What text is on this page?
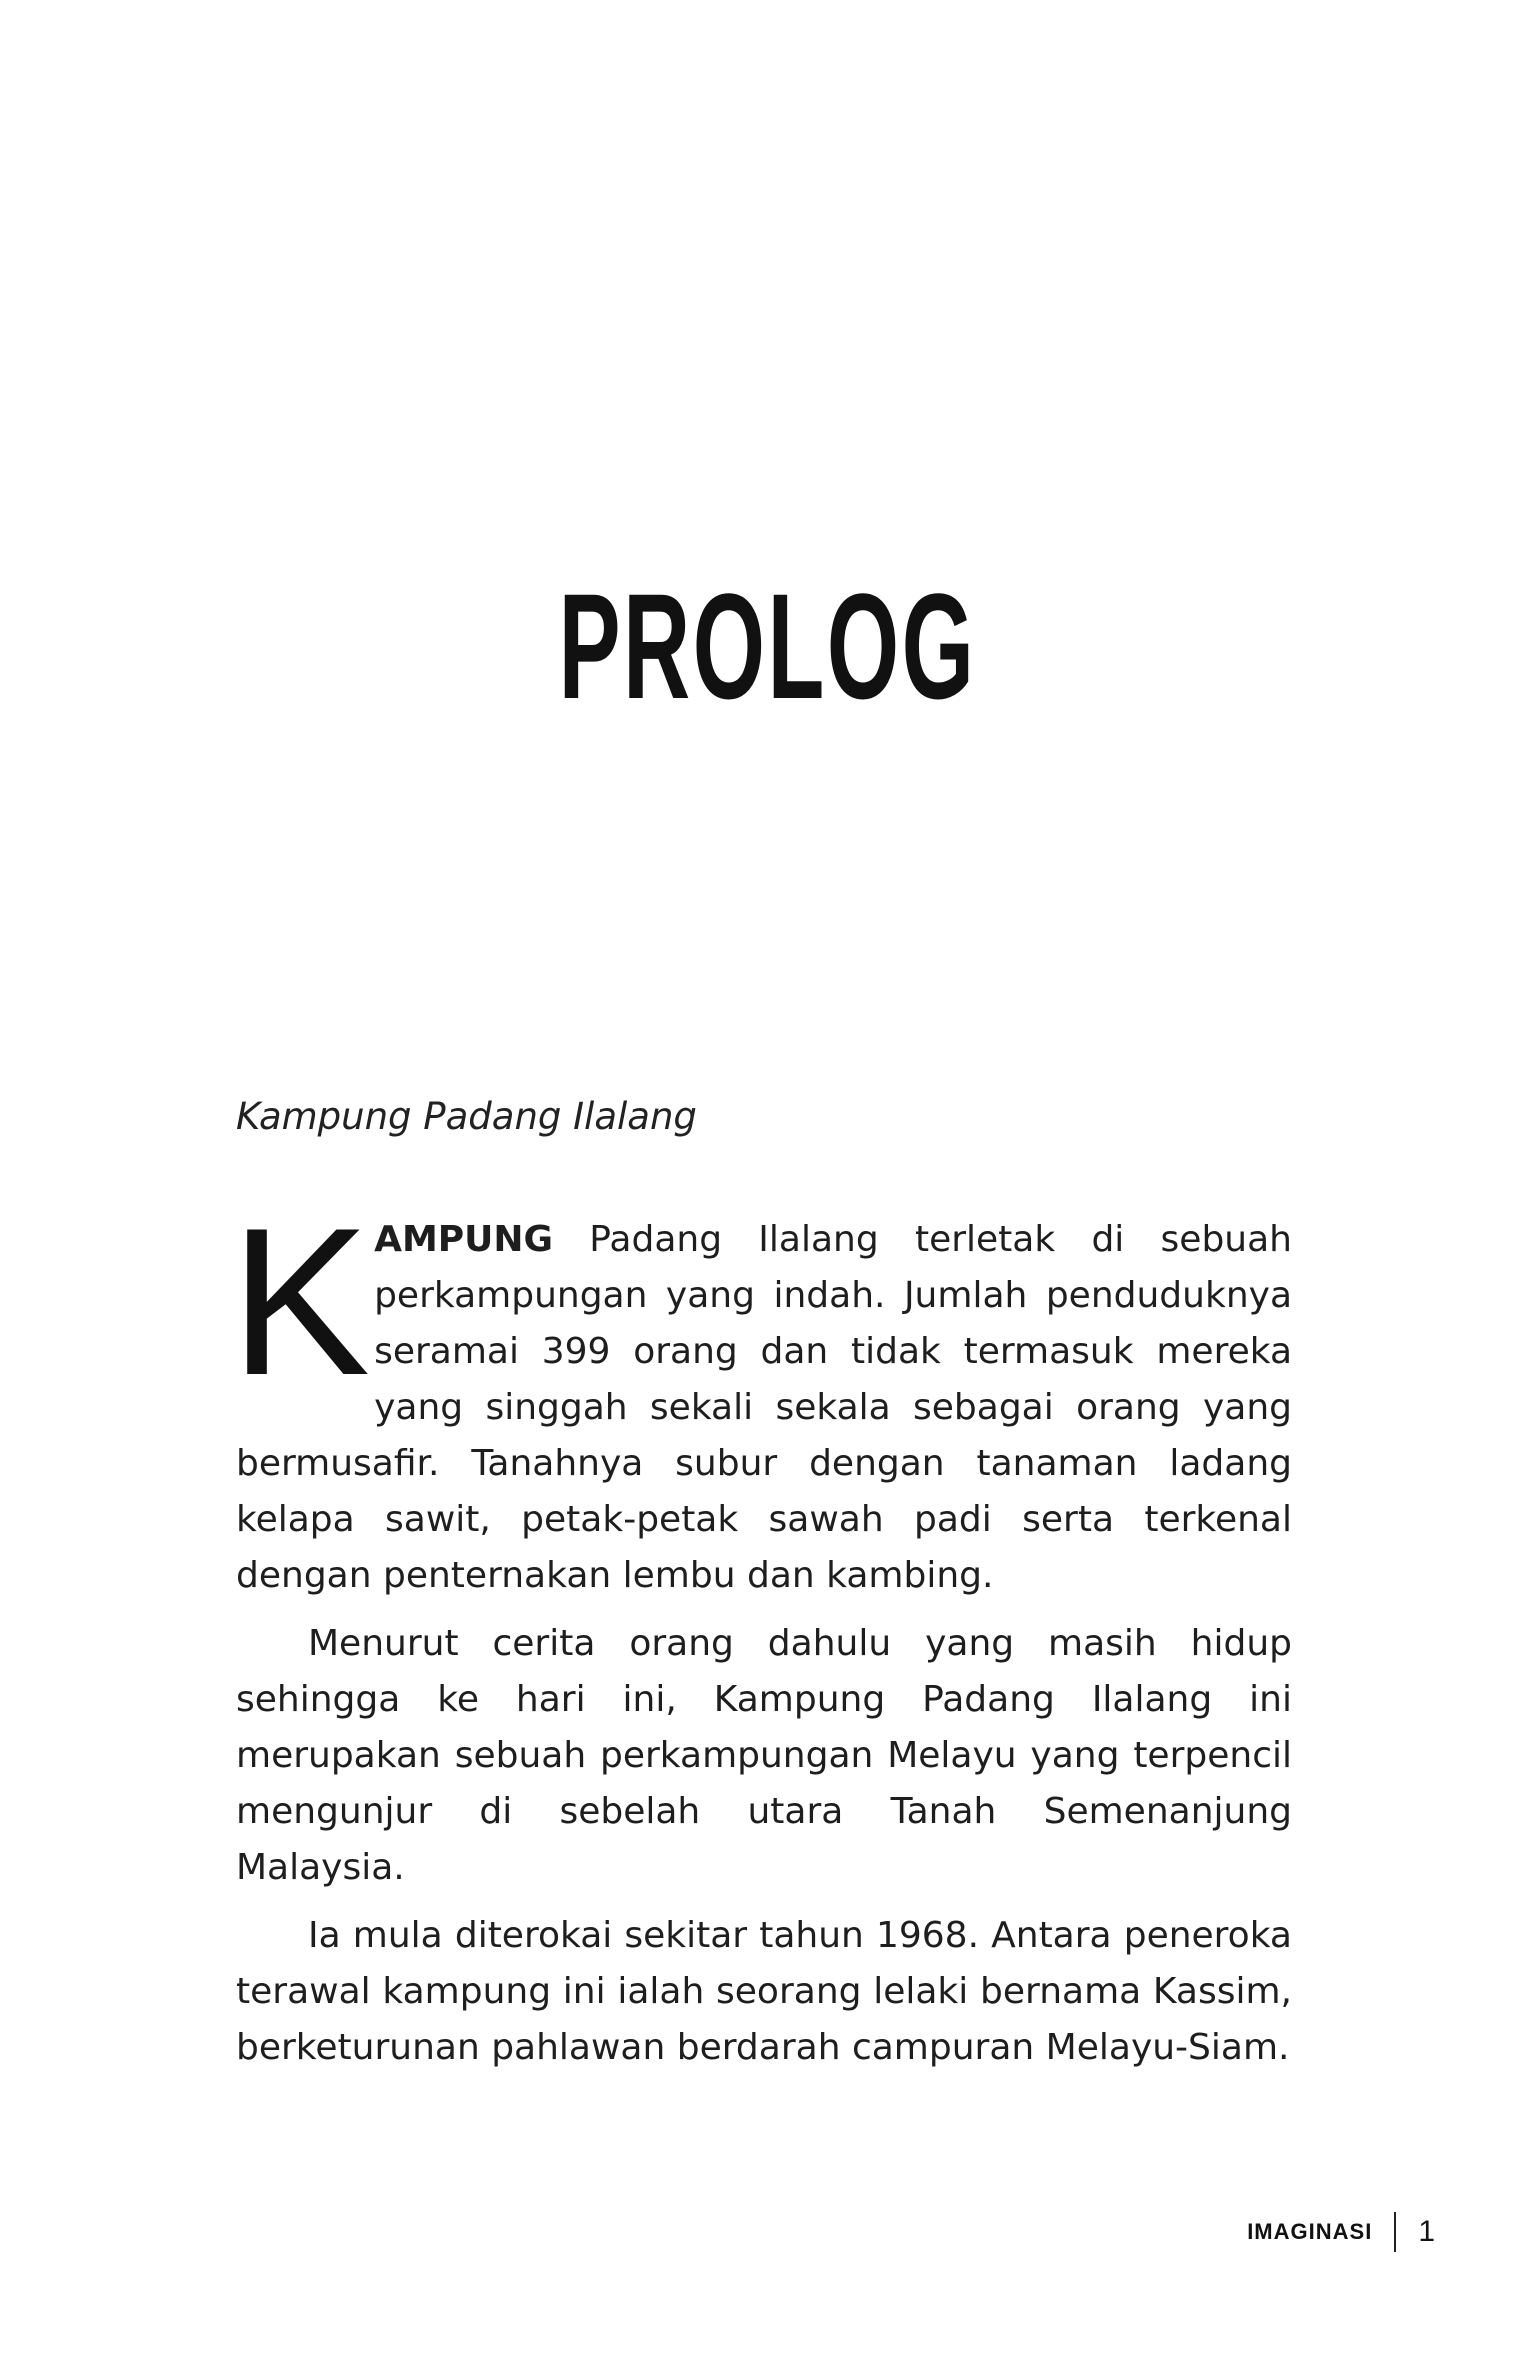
PROLOG
Kampung Padang Ilalang

KAMPUNG Padang Ilalang terletak di sebuah perkampungan yang indah. Jumlah penduduknya seramai 399 orang dan tidak termasuk mereka yang singgah sekali sekala sebagai orang yang bermusafir. Tanahnya subur dengan tanaman ladang kelapa sawit, petak-petak sawah padi serta terkenal dengan penternakan lembu dan kambing.

Menurut cerita orang dahulu yang masih hidup sehingga ke hari ini, Kampung Padang Ilalang ini merupakan sebuah perkampungan Melayu yang terpencil mengunjur di sebelah utara Tanah Semenanjung Malaysia.

Ia mula diterokai sekitar tahun 1968. Antara peneroka terawal kampung ini ialah seorang lelaki bernama Kassim, berketurunan pahlawan berdarah campuran Melayu-Siam.

IMAGINASI 1
